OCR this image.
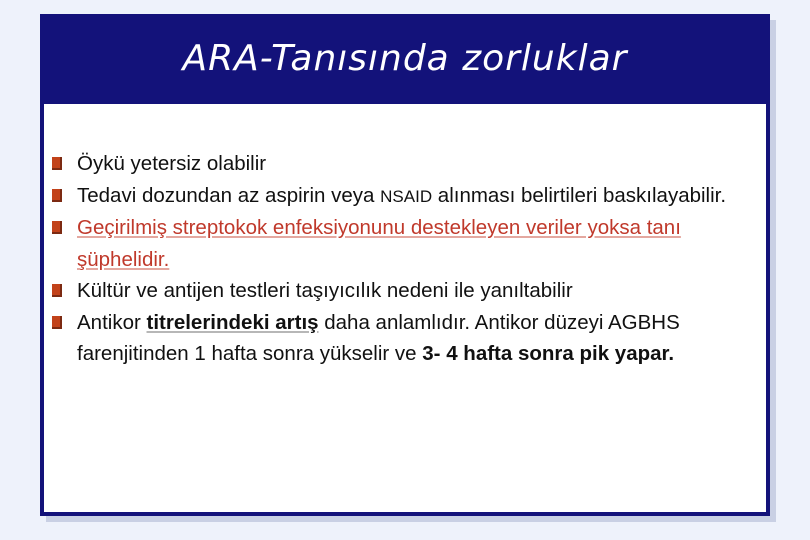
ARA-Tanısında zorluklar
Öykü yetersiz olabilir
Tedavi dozundan az aspirin veya NSAID alınması belirtileri baskılayabilir.
Geçirilmiş streptokok enfeksiyonunu destekleyen veriler yoksa tanı şüphelidir.
Kültür ve antijen testleri taşıyıcılık nedeni ile yanıltabilir
Antikor titrelerindeki artış daha anlamlıdır. Antikor düzeyi AGBHS farenjitinden 1 hafta sonra yükselir ve 3- 4 hafta sonra pik yapar.
